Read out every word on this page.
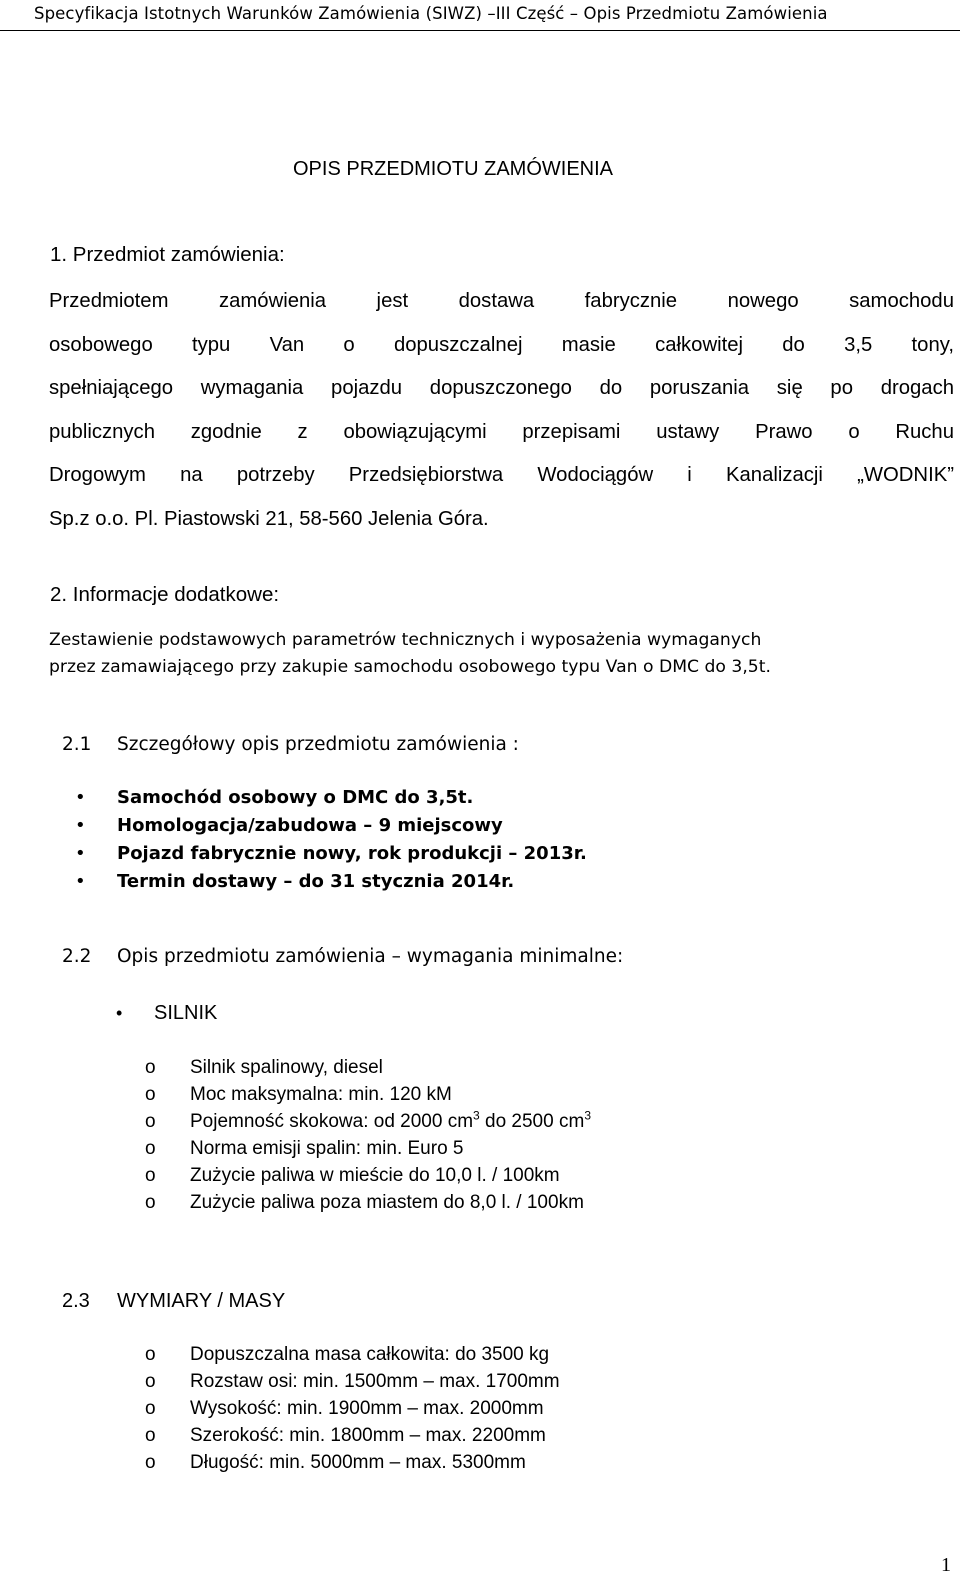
Specyfikacja Istotnych Warunków Zamówienia (SIWZ) –III Część – Opis Przedmiotu Zamówienia
OPIS PRZEDMIOTU ZAMÓWIENIA
1. Przedmiot zamówienia:
Przedmiotem zamówienia jest dostawa fabrycznie nowego samochodu
osobowego typu Van o dopuszczalnej masie całkowitej do 3,5 tony,
spełniającego wymagania pojazdu dopuszczonego do poruszania się po drogach
publicznych zgodnie z obowiązującymi przepisami ustawy Prawo o Ruchu
Drogowym na potrzeby Przedsiębiorstwa Wodociągów i Kanalizacji „WODNIK”
Sp.z o.o. Pl. Piastowski 21, 58-560 Jelenia Góra.
2. Informacje dodatkowe:
Zestawienie podstawowych parametrów technicznych i wyposażenia wymaganych
przez zamawiającego przy zakupie samochodu osobowego typu Van o DMC do 3,5t.
2.1 Szczegółowy opis przedmiotu zamówienia :
• Samochód osobowy o DMC do 3,5t.
• Homologacja/zabudowa – 9 miejscowy
• Pojazd fabrycznie nowy, rok produkcji – 2013r.
• Termin dostawy – do 31 stycznia 2014r.
2.2 Opis przedmiotu zamówienia – wymagania minimalne:
• SILNIK
o Silnik spalinowy, diesel
o Moc maksymalna: min. 120 kM
o Pojemność skokowa: od 2000 $cm^3$ do 2500 $cm^3$
o Norma emisji spalin: min. Euro 5
o Zużycie paliwa w mieście do 10,0 l. / 100km
o Zużycie paliwa poza miastem do 8,0 l. / 100km
2.3 WYMIARY / MASY
o Dopuszczalna masa całkowita: do 3500 kg
o Rozstaw osi: min. 1500mm – max. 1700mm
o Wysokość: min. 1900mm – max. 2000mm
o Szerokość: min. 1800mm – max. 2200mm
o Długość: min. 5000mm – max. 5300mm
1
